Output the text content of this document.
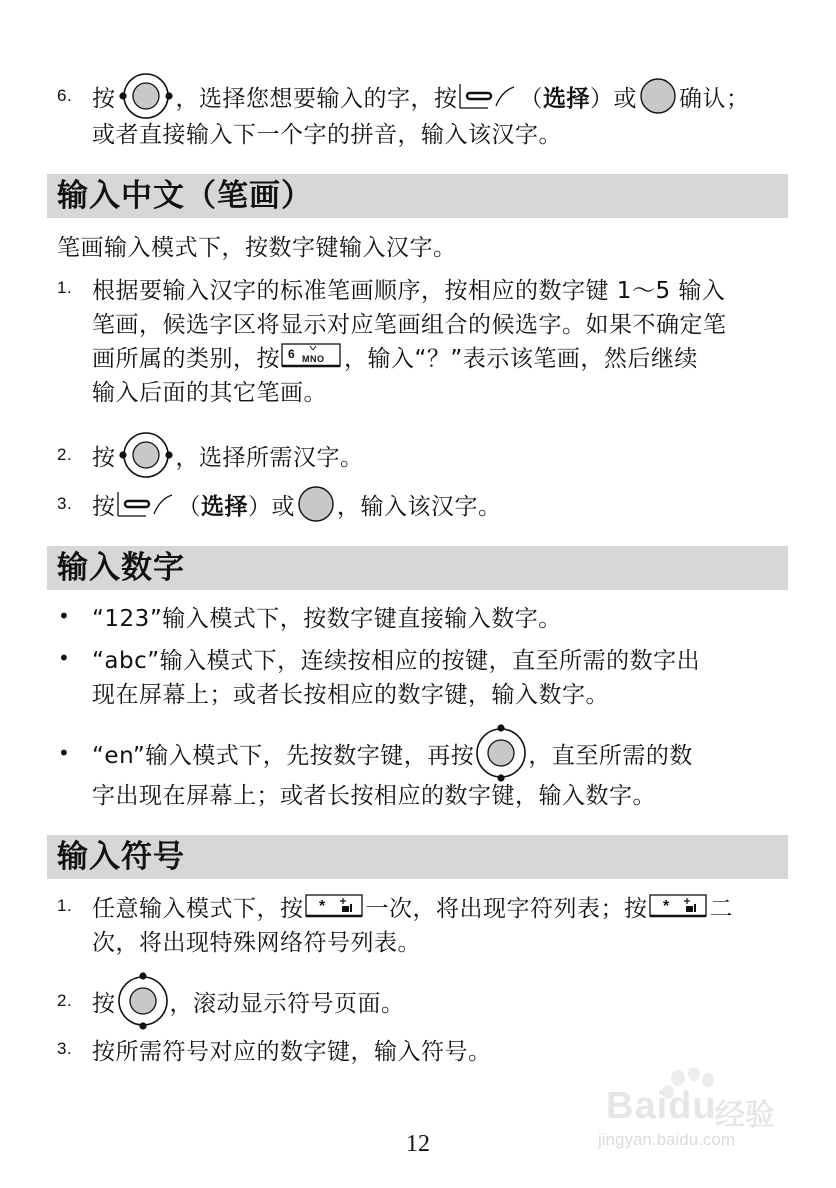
6. 按	，选择您想要输入的字，按	（ 选择 ）或 确认；
或者直接输入下一个字的拼音，输入该汉字。
输入中文（笔画）
笔画输入模式下，按数字键输入汉字。
1. 根据要输入汉字的标准笔画顺序，按相应的数字键 1～5 输入
笔画，候选字区将显示对应笔画组合的候选字。如果不确定笔
画所属的类别，按 6 MNO ，输入“？”表示该笔画，然后继续
输入后面的其它笔画。
2. 按	，选择所需汉字。
3. 按	（ 选择 ）或 ，输入该汉字。
输入数字
• “123”输入模式下，按数字键直接输入数字。
• “abc”输入模式下，连续按相应的按键，直至所需的数字出
现在屏幕上；或者长按相应的数字键，输入数字。
• “en”输入模式下，先按数字键，再按 ，直至所需的数
字出现在屏幕上；或者长按相应的数字键，输入数字。
输入符号
1. 任意输入模式下，按 * 一次，将出现字符列表；按 * 二
次，将出现特殊网络符号列表。
2. 按 ，滚动显示符号页面。
3. 按所需符号对应的数字键，输入符号。
Baidu
经验
jingyan.baidu.com
12
